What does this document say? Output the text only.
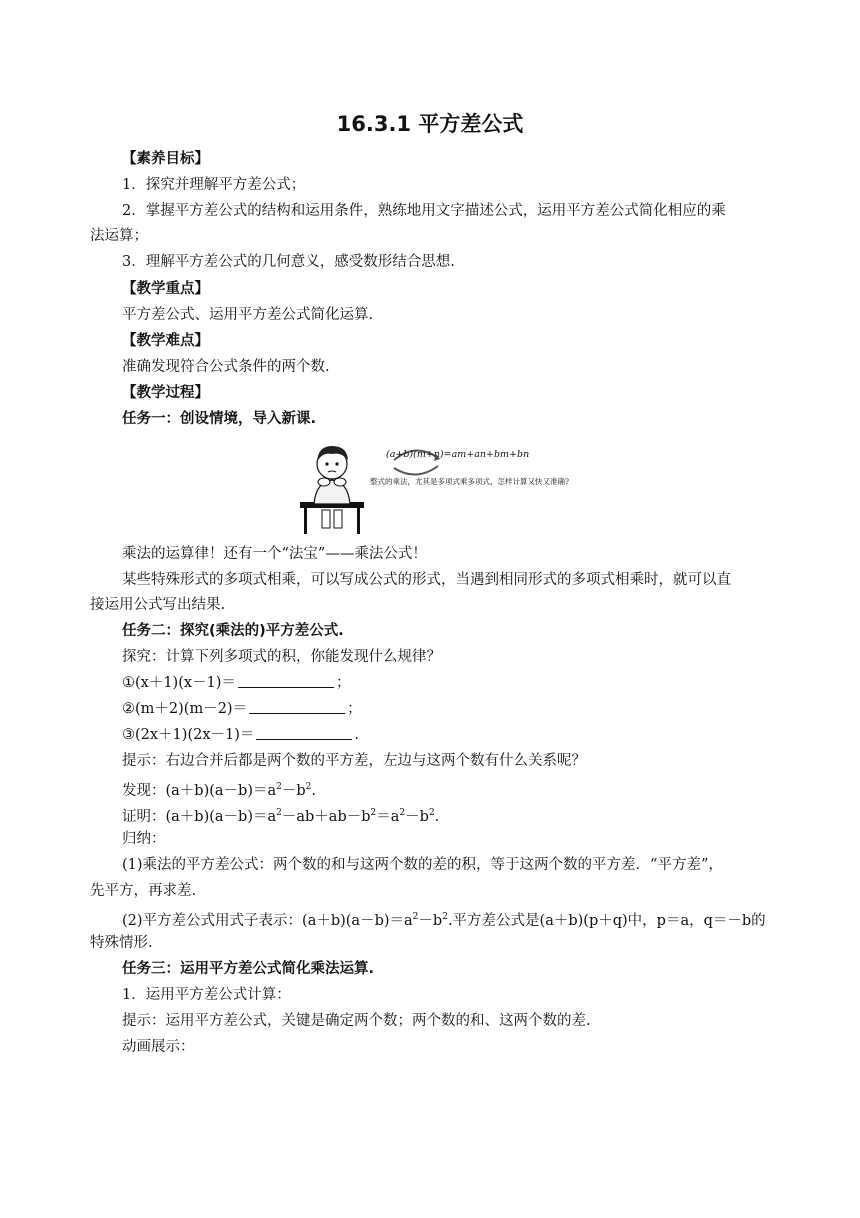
16.3.1 平方差公式
【素养目标】
1．探究并理解平方差公式；
2．掌握平方差公式的结构和运用条件，熟练地用文字描述公式，运用平方差公式简化相应的乘
法运算；
3．理解平方差公式的几何意义，感受数形结合思想.
【教学重点】
平方差公式、运用平方差公式简化运算.
【教学难点】
准确发现符合公式条件的两个数.
【教学过程】
任务一：创设情境，导入新课.
(a+b)(m+n)=am+an+bm+bn
整式的乘法，尤其是多项式乘多项式，怎样计算又快又准确?
乘法的运算律！还有一个“法宝”——乘法公式！
某些特殊形式的多项式相乘，可以写成公式的形式，当遇到相同形式的多项式相乘时，就可以直
接运用公式写出结果.
任务二：探究(乘法的)平方差公式.
探究：计算下列多项式的积，你能发现什么规律？
①(x＋1)(x－1)＝	；
②(m＋2)(m－2)＝	；
③(2x＋1)(2x－1)＝	.
提示：右边合并后都是两个数的平方差，左边与这两个数有什么关系呢？
发现：$(a+b)(a-b)=a^2-b^2$.
证明：$(a+b)(a-b)=a^2-ab+ab-b^2=a^2-b^2$.
归纳：
(1)乘法的平方差公式：两个数的和与这两个数的差的积，等于这两个数的平方差．“平方差”，
先平方，再求差.
(2)平方差公式用式子表示：$(a+b)(a-b)=a^2-b^2$.平方差公式是(a＋b)(p＋q)中，p＝a，q＝－b的
特殊情形.
任务三：运用平方差公式简化乘法运算.
1．运用平方差公式计算：
提示：运用平方差公式，关键是确定两个数；两个数的和、这两个数的差.
动画展示：
